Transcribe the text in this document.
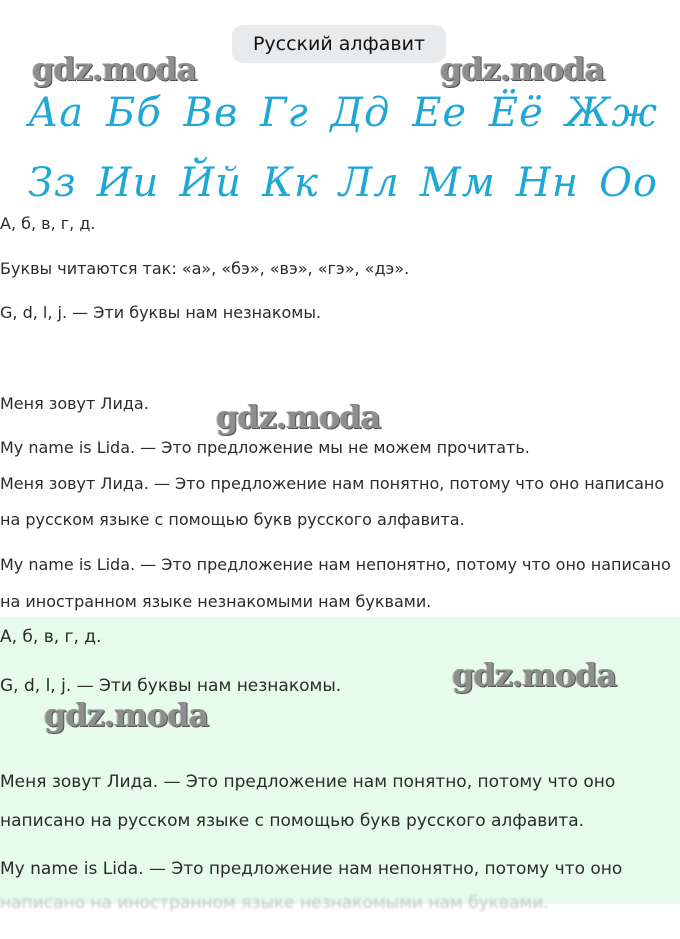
Русский алфавит
gdz.moda	gdz.moda
Аа Бб Вв Гг Дд Ее Ёё Жж
Зз Ии Йй Кк Лл Мм Нн Оо
А, б, в, г, д.
Буквы читаются так: «а», «бэ», «вэ», «гэ», «дэ».
G, d, l, j. — Эти буквы нам незнакомы.
Меня зовут Лида.
My name is Lida. — Это предложение мы не можем прочитать.
Меня зовут Лида. — Это предложение нам понятно, потому что оно написано
на русском языке с помощью букв русского алфавита.
My name is Lida. — Это предложение нам непонятно, потому что оно написано
на иностранном языке незнакомыми нам буквами.
gdz.moda
А, б, в, г, д.
G, d, l, j. — Эти буквы нам незнакомы.
Меня зовут Лида. — Это предложение нам понятно, потому что оно
написано на русском языке с помощью букв русского алфавита.
My name is Lida. — Это предложение нам непонятно, потому что оно
написано на иностранном языке незнакомыми нам буквами.
gdz.moda
gdz.moda
